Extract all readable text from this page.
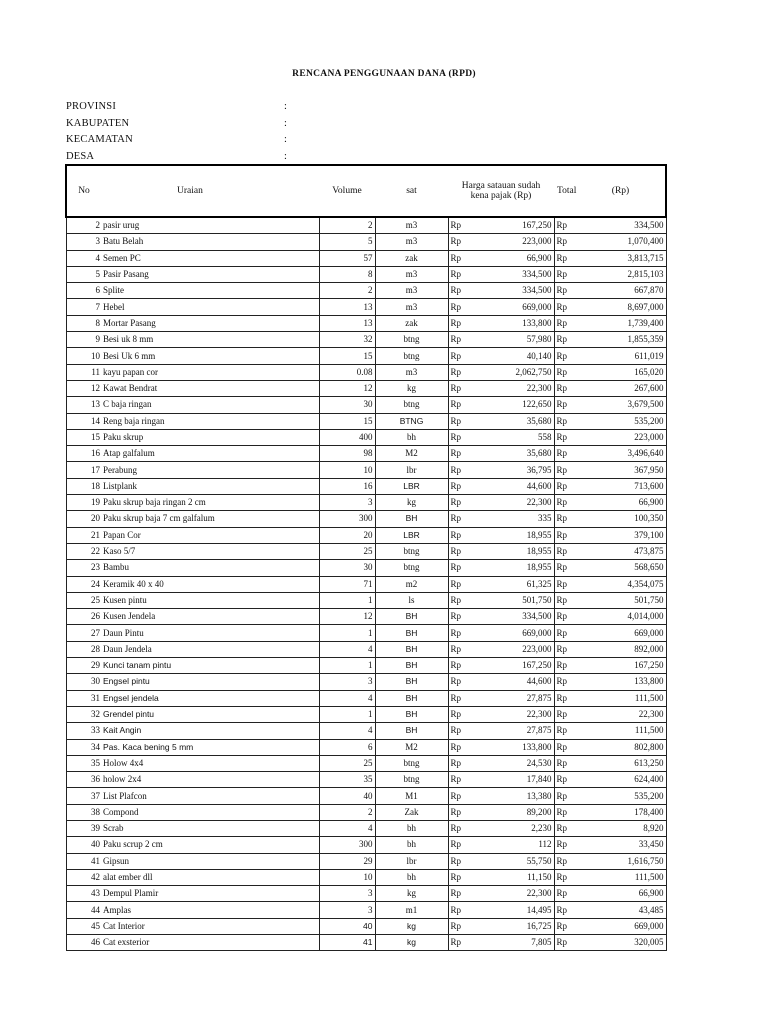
RENCANA PENGGUNAAN DANA (RPD)
PROVINSI	:
KABUPATEN	:
KECAMATAN	:
DESA	:
No	Uraian	Volume	sat	Harga satauan sudah
kena pajak (Rp)		Total	(Rp)
2	pasir urug	2	m3	Rp	167,250	Rp	334,500
3	Batu Belah	5	m3	Rp	223,000	Rp	1,070,400
4	Semen PC	57	zak	Rp	66,900	Rp	3,813,715
5	Pasir Pasang	8	m3	Rp	334,500	Rp	2,815,103
6	Splite	2	m3	Rp	334,500	Rp	667,870
7	Hebel	13	m3	Rp	669,000	Rp	8,697,000
8	Mortar Pasang	13	zak	Rp	133,800	Rp	1,739,400
9	Besi uk 8 mm	32	btng	Rp	57,980	Rp	1,855,359
10	Besi Uk 6 mm	15	btng	Rp	40,140	Rp	611,019
11	kayu papan cor	0.08	m3	Rp	2,062,750	Rp	165,020
12	Kawat Bendrat	12	kg	Rp	22,300	Rp	267,600
13	C baja ringan	30	btng	Rp	122,650	Rp	3,679,500
14	Reng baja ringan	15	BTNG	Rp	35,680	Rp	535,200
15	Paku skrup	400	bh	Rp	558	Rp	223,000
16	Atap galfalum	98	M2	Rp	35,680	Rp	3,496,640
17	Perabung	10	lbr	Rp	36,795	Rp	367,950
18	Listplank	16	LBR	Rp	44,600	Rp	713,600
19	Paku skrup baja ringan 2 cm	3	kg	Rp	22,300	Rp	66,900
20	Paku skrup baja 7 cm galfalum	300	BH	Rp	335	Rp	100,350
21	Papan Cor	20	LBR	Rp	18,955	Rp	379,100
22	Kaso 5/7	25	btng	Rp	18,955	Rp	473,875
23	Bambu	30	btng	Rp	18,955	Rp	568,650
24	Keramik 40 x 40	71	m2	Rp	61,325	Rp	4,354,075
25	Kusen pintu	1	ls	Rp	501,750	Rp	501,750
26	Kusen Jendela	12	BH	Rp	334,500	Rp	4,014,000
27	Daun Pintu	1	BH	Rp	669,000	Rp	669,000
28	Daun Jendela	4	BH	Rp	223,000	Rp	892,000
29	Kunci tanam pintu	1	BH	Rp	167,250	Rp	167,250
30	Engsel pintu	3	BH	Rp	44,600	Rp	133,800
31	Engsel jendela	4	BH	Rp	27,875	Rp	111,500
32	Grendel pintu	1	BH	Rp	22,300	Rp	22,300
33	Kait Angin	4	BH	Rp	27,875	Rp	111,500
34	Pas. Kaca bening 5 mm	6	M2	Rp	133,800	Rp	802,800
35	Holow 4x4	25	btng	Rp	24,530	Rp	613,250
36	holow 2x4	35	btng	Rp	17,840	Rp	624,400
37	List Plafcon	40	M1	Rp	13,380	Rp	535,200
38	Compond	2	Zak	Rp	89,200	Rp	178,400
39	Scrab	4	bh	Rp	2,230	Rp	8,920
40	Paku scrup 2 cm	300	bh	Rp	112	Rp	33,450
41	Gipsun	29	lbr	Rp	55,750	Rp	1,616,750
42	alat ember dll	10	bh	Rp	11,150	Rp	111,500
43	Dempul Plamir	3	kg	Rp	22,300	Rp	66,900
44	Amplas	3	m1	Rp	14,495	Rp	43,485
45	Cat Interior	40	kg	Rp	16,725	Rp	669,000
46	Cat exsterior	41	kg	Rp	7,805	Rp	320,005
